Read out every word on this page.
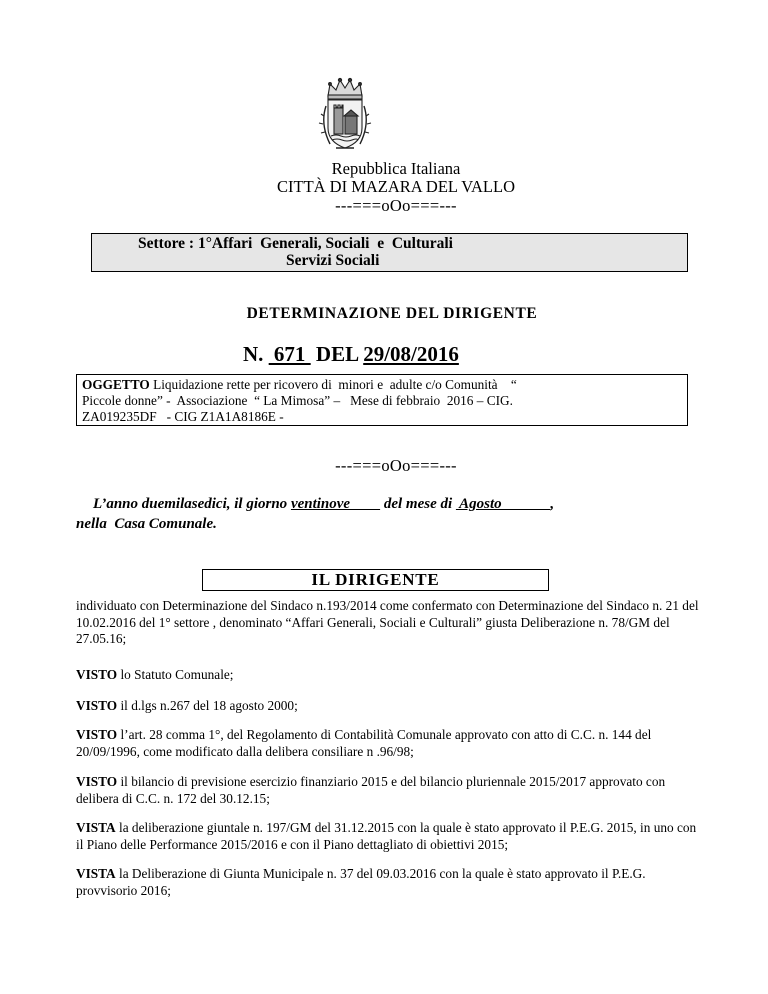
Repubblica Italiana
CITTÀ DI MAZARA DEL VALLO
---===oOo===---
Settore : 1°Affari  Generali, Sociali  e  Culturali
Servizi Sociali
DETERMINAZIONE DEL DIRIGENTE
N.  671  DEL 29/08/2016

OGGETTO Liquidazione rette per ricovero di  minori e  adulte c/o Comunità    “

Piccole donne” -  Associazione  “ La Mimosa” –   Mese di febbraio  2016 – CIG.

ZA019235DF   - CIG Z1A1A8186E -

---===oOo===---
L’anno duemilasedici, il giorno ventinove         del mese di  Agosto             ,
nella  Casa Comunale.
IL DIRIGENTE

individuato con Determinazione del Sindaco n.193/2014 come confermato con Determinazione del Sindaco n. 21 del 10.02.2016 del 1° settore , denominato “Affari Generali, Sociali e Culturali” giusta Deliberazione n. 78/GM del 27.05.16;

VISTO lo Statuto Comunale;

VISTO il d.lgs n.267 del 18 agosto 2000;

VISTO l’art. 28 comma 1°, del Regolamento di Contabilità Comunale approvato con atto di C.C. n. 144 del 20/09/1996, come modificato dalla delibera consiliare n .96/98;

VISTO il bilancio di previsione esercizio finanziario 2015 e del bilancio pluriennale 2015/2017 approvato con delibera di C.C. n. 172 del 30.12.15;

VISTA la deliberazione giuntale n. 197/GM del 31.12.2015 con la quale è stato approvato il P.E.G. 2015, in uno con il Piano delle Performance 2015/2016 e con il Piano dettagliato di obiettivi 2015;

VISTA la Deliberazione di Giunta Municipale n. 37 del 09.03.2016 con la quale è stato approvato il P.E.G. provvisorio 2016;
